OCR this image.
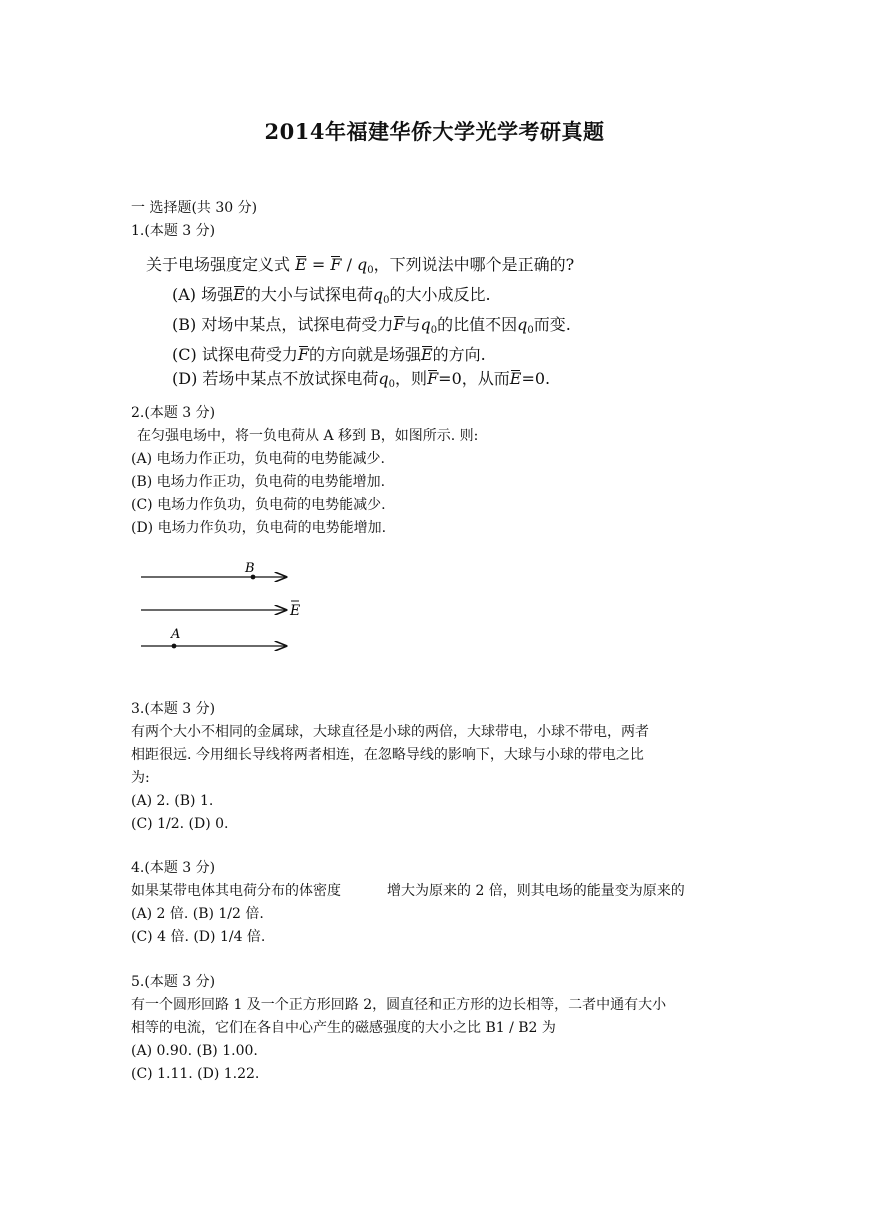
2014年福建华侨大学光学考研真题
一 选择题(共 30 分)
1.(本题 3 分)
关于电场强度定义式 $E = F / q_0$，下列说法中哪个是正确的?
(A) 场强E的大小与试探电荷$q_0$的大小成反比.
(B) 对场中某点，试探电荷受力F与$q_0$的比值不因$q_0$而变.
(C) 试探电荷受力F的方向就是场强E的方向.
(D) 若场中某点不放试探电荷$q_0$，则F=0，从而E=0.
2.(本题 3 分)
在匀强电场中，将一负电荷从 A 移到 B，如图所示. 则:
(A) 电场力作正功，负电荷的电势能减少.
(B) 电场力作正功，负电荷的电势能增加.
(C) 电场力作负功，负电荷的电势能减少.
(D) 电场力作负功，负电荷的电势能增加.
B
E
A
3.(本题 3 分)
有两个大小不相同的金属球，大球直径是小球的两倍，大球带电，小球不带电，两者
相距很远. 今用细长导线将两者相连，在忽略导线的影响下，大球与小球的带电之比
为:
(A) 2. (B) 1.
(C) 1/2. (D) 0.
4.(本题 3 分)
如果某带电体其电荷分布的体密度	增大为原来的 2 倍，则其电场的能量变为原来的
(A) 2 倍. (B) 1/2 倍.
(C) 4 倍. (D) 1/4 倍.
5.(本题 3 分)
有一个圆形回路 1 及一个正方形回路 2，圆直径和正方形的边长相等，二者中通有大小
相等的电流，它们在各自中心产生的磁感强度的大小之比 B1 / B2 为
(A) 0.90. (B) 1.00.
(C) 1.11. (D) 1.22.
